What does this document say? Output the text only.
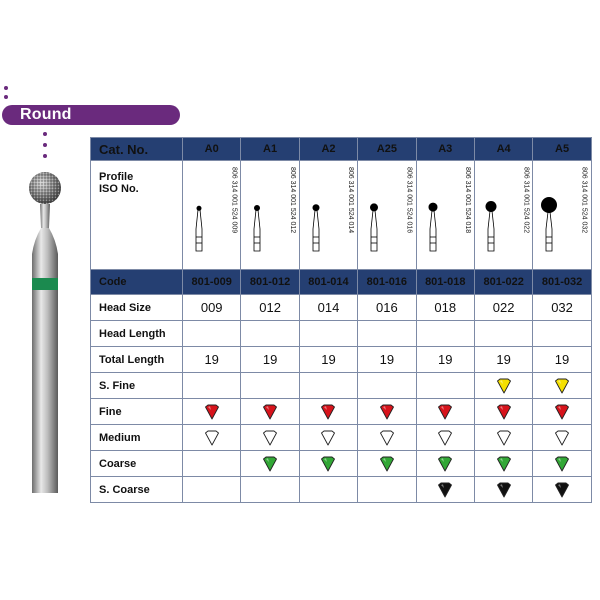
Round
Cat. No.	A0	A1	A2	A25	A3	A4	A5
Profile
ISO No.	806 314 001 524 009	806 314 001 524 012	806 314 001 524 014	806 314 001 524 016	806 314 001 524 018	806 314 001 524 022	806 314 001 524 032

Code	801-009	801-012	801-014	801-016	801-018	801-022	801-032
Head Size	009	012	014	016	018	022	032
Head Length							
Total Length	19	19	19	19	19	19	19
S. Fine							
Fine							
Medium							
Coarse							
S. Coarse							
